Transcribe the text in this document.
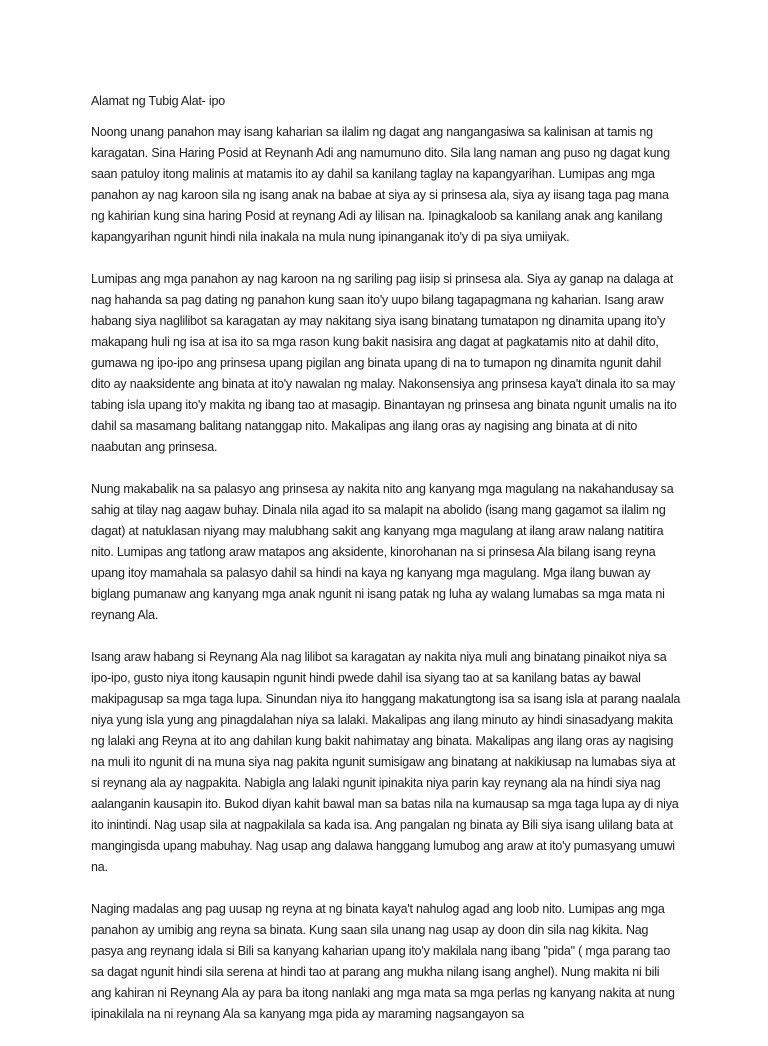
Alamat ng Tubig Alat- ipo

Noong unang panahon may isang kaharian sa ilalim ng dagat ang nangangasiwa sa kalinisan at tamis ng karagatan. Sina Haring Posid at Reynanh Adi ang namumuno dito. Sila lang naman ang puso ng dagat kung saan patuloy itong malinis at matamis ito ay dahil sa kanilang taglay na kapangyarihan. Lumipas ang mga panahon ay nag karoon sila ng isang anak na babae at siya ay si prinsesa ala, siya ay iisang taga pag mana ng kahirian kung sina haring Posid at reynang Adi ay lilisan na. Ipinagkaloob sa kanilang anak ang kanilang kapangyarihan ngunit hindi nila inakala na mula nung ipinanganak ito'y di pa siya umiiyak.

Lumipas ang mga panahon ay nag karoon na ng sariling pag iisip si prinsesa ala. Siya ay ganap na dalaga at nag hahanda sa pag dating ng panahon kung saan ito'y uupo bilang tagapagmana ng kaharian. Isang araw habang siya naglilibot sa karagatan ay may nakitang siya isang binatang tumatapon ng dinamita upang ito'y makapang huli ng isa at isa ito sa mga rason kung bakit nasisira ang dagat at pagkatamis nito at dahil dito, gumawa ng ipo-ipo ang prinsesa upang pigilan ang binata upang di na to tumapon ng dinamita ngunit dahil dito ay naaksidente ang binata at ito'y nawalan ng malay. Nakonsensiya ang prinsesa kaya't dinala ito sa may tabing isla upang ito'y makita ng ibang tao at masagip. Binantayan ng prinsesa ang binata ngunit umalis na ito dahil sa masamang balitang natanggap nito. Makalipas ang ilang oras ay nagising ang binata at di nito naabutan ang prinsesa.

Nung makabalik na sa palasyo ang prinsesa ay nakita nito ang kanyang mga magulang na nakahandusay sa sahig at tilay nag aagaw buhay. Dinala nila agad ito sa malapit na abolido (isang mang gagamot sa ilalim ng dagat) at natuklasan niyang may malubhang sakit ang kanyang mga magulang at ilang araw nalang natitira nito. Lumipas ang tatlong araw matapos ang aksidente, kinorohanan na si prinsesa Ala bilang isang reyna upang itoy mamahala sa palasyo dahil sa hindi na kaya ng kanyang mga magulang. Mga ilang buwan ay biglang pumanaw ang kanyang mga anak ngunit ni isang patak ng luha ay walang lumabas sa mga mata ni reynang Ala.

Isang araw habang si Reynang Ala nag lilibot sa karagatan ay nakita niya muli ang binatang pinaikot niya sa ipo-ipo, gusto niya itong kausapin ngunit hindi pwede dahil isa siyang tao at sa kanilang batas ay bawal makipagusap sa mga taga lupa. Sinundan niya ito hanggang makatungtong isa sa isang isla at parang naalala niya yung isla yung ang pinagdalahan niya sa lalaki. Makalipas ang ilang minuto ay hindi sinasadyang makita ng lalaki ang Reyna at ito ang dahilan kung bakit nahimatay ang binata. Makalipas ang ilang oras ay nagising na muli ito ngunit di na muna siya nag pakita ngunit sumisigaw ang binatang at nakikiusap na lumabas siya at si reynang ala ay nagpakita. Nabigla ang lalaki ngunit ipinakita niya parin kay reynang ala na hindi siya nag aalanganin kausapin ito. Bukod diyan kahit bawal man sa batas nila na kumausap sa mga taga lupa ay di niya ito inintindi. Nag usap sila at nagpakilala sa kada isa. Ang pangalan ng binata ay Bili siya isang ulilang bata at mangingisda upang mabuhay. Nag usap ang dalawa hanggang lumubog ang araw at ito'y pumasyang umuwi na.

Naging madalas ang pag uusap ng reyna at ng binata kaya't nahulog agad ang loob nito. Lumipas ang mga panahon ay umibig ang reyna sa binata. Kung saan sila unang nag usap ay doon din sila nag kikita. Nag pasya ang reynang idala si Bili sa kanyang kaharian upang ito'y makilala nang ibang "pida" ( mga parang tao sa dagat ngunit hindi sila serena at hindi tao at parang ang mukha nilang isang anghel). Nung makita ni bili ang kahiran ni Reynang Ala ay para ba itong nanlaki ang mga mata sa mga perlas ng kanyang nakita at nung ipinakilala na ni reynang Ala sa kanyang mga pida ay maraming nagsangayon sa
